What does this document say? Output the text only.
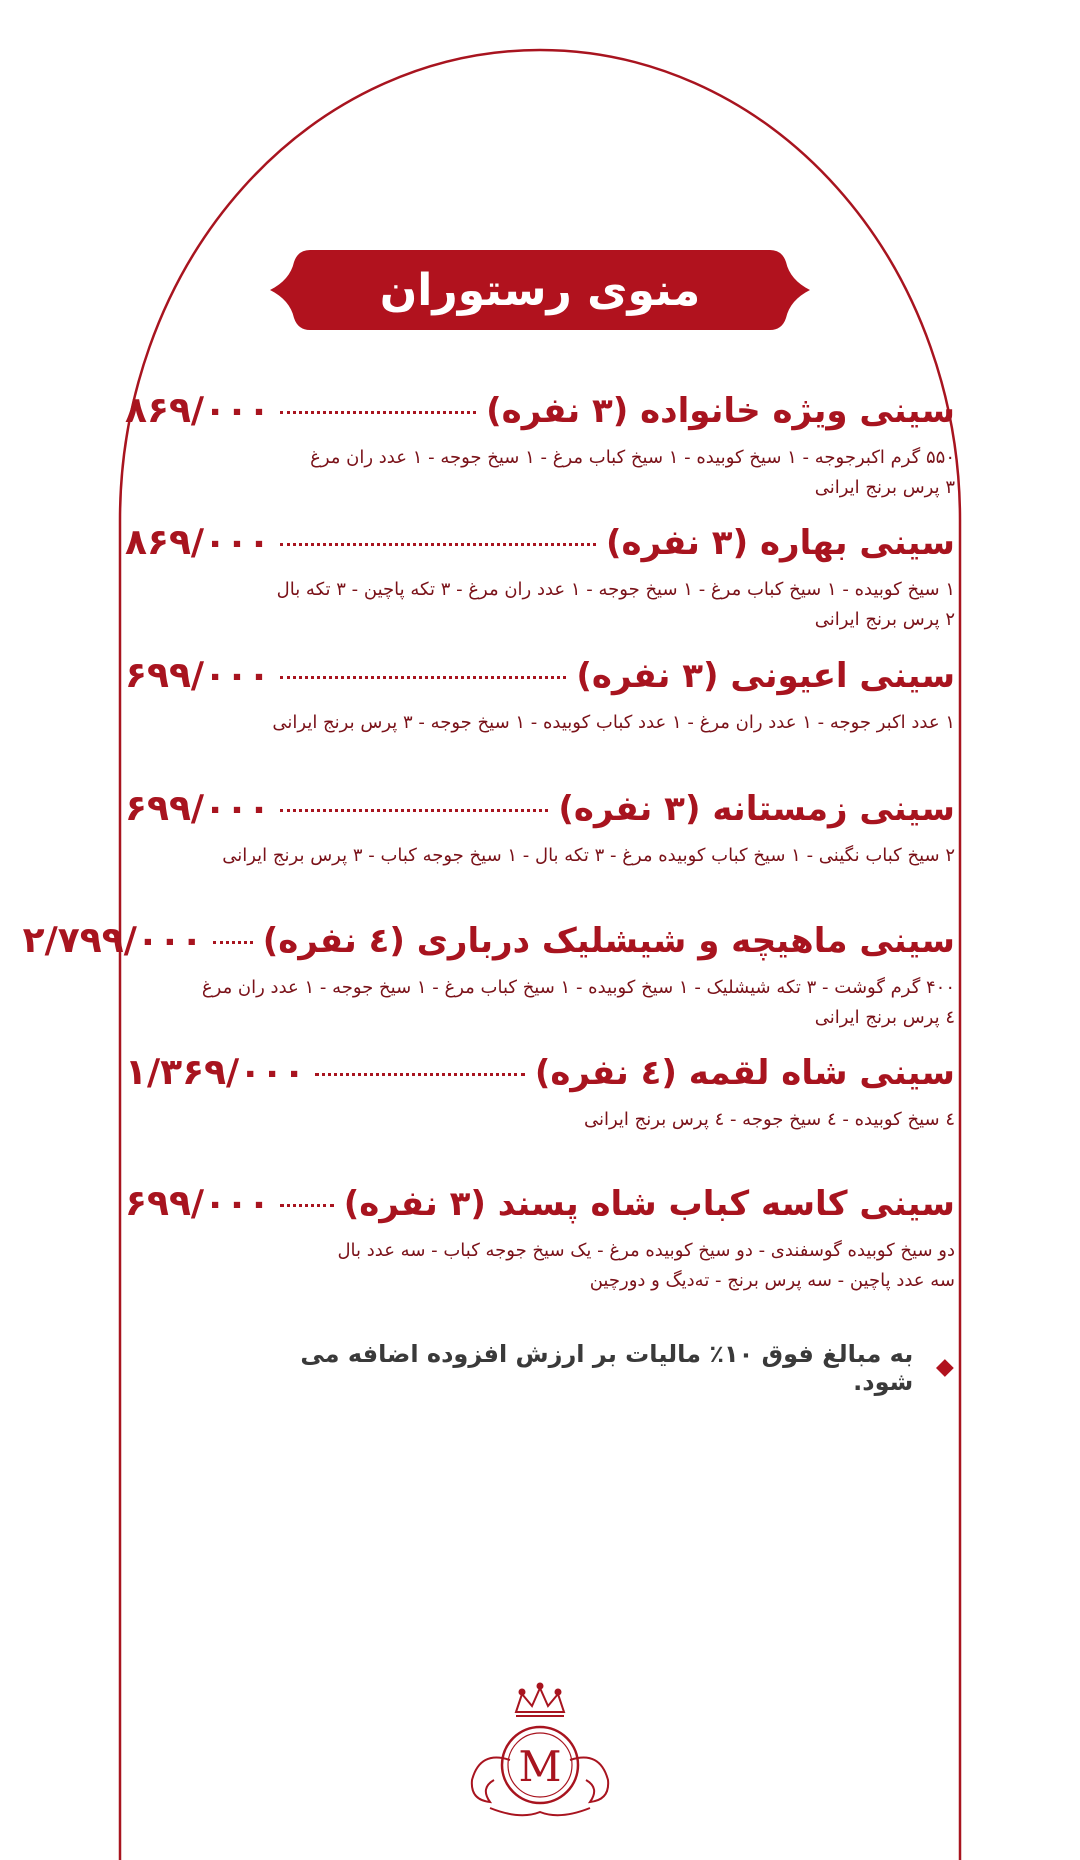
منوی رستوران
سینی ویژه خانواده (۳ نفره)
۸۶۹/۰۰۰
۵۵۰ گرم اکبرجوجه - ۱ سیخ کوبیده - ۱ سیخ کباب مرغ - ۱ سیخ جوجه - ۱ عدد ران مرغ
۳ پرس برنج ایرانی
سینی بهاره (۳ نفره)
۸۶۹/۰۰۰
۱ سیخ کوبیده - ۱ سیخ کباب مرغ - ۱ سیخ جوجه - ۱ عدد ران مرغ - ۳ تکه پاچین - ۳ تکه بال
۲ پرس برنج ایرانی
سینی اعیونی (۳ نفره)
۶۹۹/۰۰۰
۱ عدد اکبر جوجه - ۱ عدد ران مرغ - ۱ عدد کباب کوبیده - ۱ سیخ جوجه - ۳ پرس برنج ایرانی
سینی زمستانه (۳ نفره)
۶۹۹/۰۰۰
۲ سیخ کباب نگینی - ۱ سیخ کباب کوبیده مرغ - ۳ تکه بال - ۱ سیخ جوجه کباب - ۳ پرس برنج ایرانی
سینی ماهیچه و شیشلیک درباری (٤ نفره)
۲/۷۹۹/۰۰۰
۴۰۰ گرم گوشت - ۳ تکه شیشلیک - ۱ سیخ کوبیده - ۱ سیخ کباب مرغ - ۱ سیخ جوجه - ۱ عدد ران مرغ
٤ پرس برنج ایرانی
سینی شاه لقمه (٤ نفره)
۱/۳۶۹/۰۰۰
٤ سیخ کوبیده - ٤ سیخ جوجه - ٤ پرس برنج ایرانی
سینی کاسه کباب شاه پسند (۳ نفره)
۶۹۹/۰۰۰
دو سیخ کوبیده گوسفندی - دو سیخ کوبیده مرغ - یک سیخ جوجه کباب - سه عدد بال
سه عدد پاچین - سه پرس برنج - ته‌دیگ و دورچین
به مبالغ فوق ۱۰٪ مالیات بر ارزش افزوده اضافه می شود.
M
